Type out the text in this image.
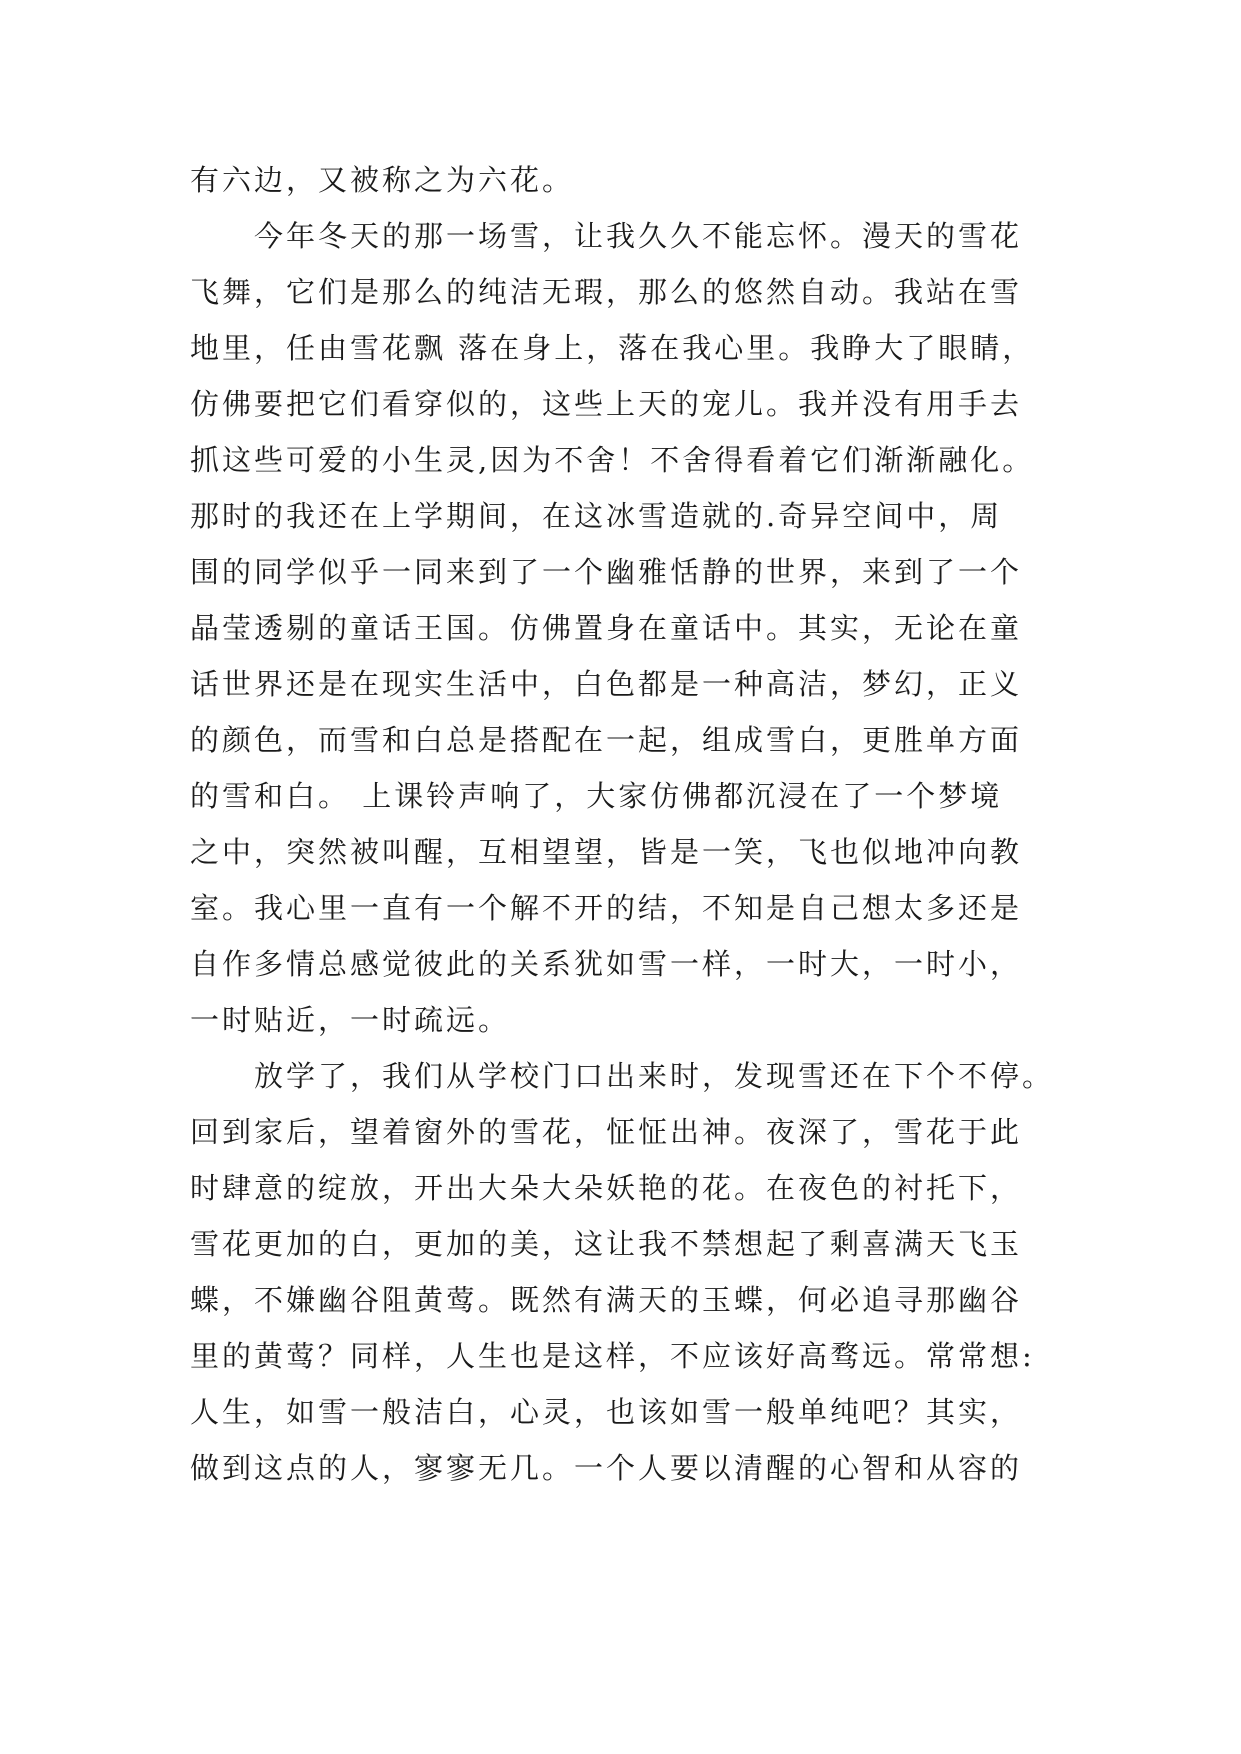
有六边，又被称之为六花。
　　今年冬天的那一场雪，让我久久不能忘怀。漫天的雪花
飞舞，它们是那么的纯洁无瑕，那么的悠然自动。我站在雪
地里，任由雪花飘 落在身上，落在我心里。我睁大了眼睛，
仿佛要把它们看穿似的，这些上天的宠儿。我并没有用手去
抓这些可爱的小生灵,因为不舍！不舍得看着它们渐渐融化。
那时的我还在上学期间，在这冰雪造就的.奇异空间中，周
围的同学似乎一同来到了一个幽雅恬静的世界，来到了一个
晶莹透剔的童话王国。仿佛置身在童话中。其实，无论在童
话世界还是在现实生活中，白色都是一种高洁，梦幻，正义
的颜色，而雪和白总是搭配在一起，组成雪白，更胜单方面
的雪和白。 上课铃声响了，大家仿佛都沉浸在了一个梦境
之中，突然被叫醒，互相望望，皆是一笑，飞也似地冲向教
室。我心里一直有一个解不开的结，不知是自己想太多还是
自作多情总感觉彼此的关系犹如雪一样，一时大，一时小，
一时贴近，一时疏远。
　　放学了，我们从学校门口出来时，发现雪还在下个不停。
回到家后，望着窗外的雪花，怔怔出神。夜深了，雪花于此
时肆意的绽放，开出大朵大朵妖艳的花。在夜色的衬托下，
雪花更加的白，更加的美，这让我不禁想起了剩喜满天飞玉
蝶，不嫌幽谷阻黄莺。既然有满天的玉蝶，何必追寻那幽谷
里的黄莺？同样，人生也是这样，不应该好高骛远。常常想:
人生，如雪一般洁白，心灵，也该如雪一般单纯吧？其实，
做到这点的人，寥寥无几。一个人要以清醒的心智和从容的
